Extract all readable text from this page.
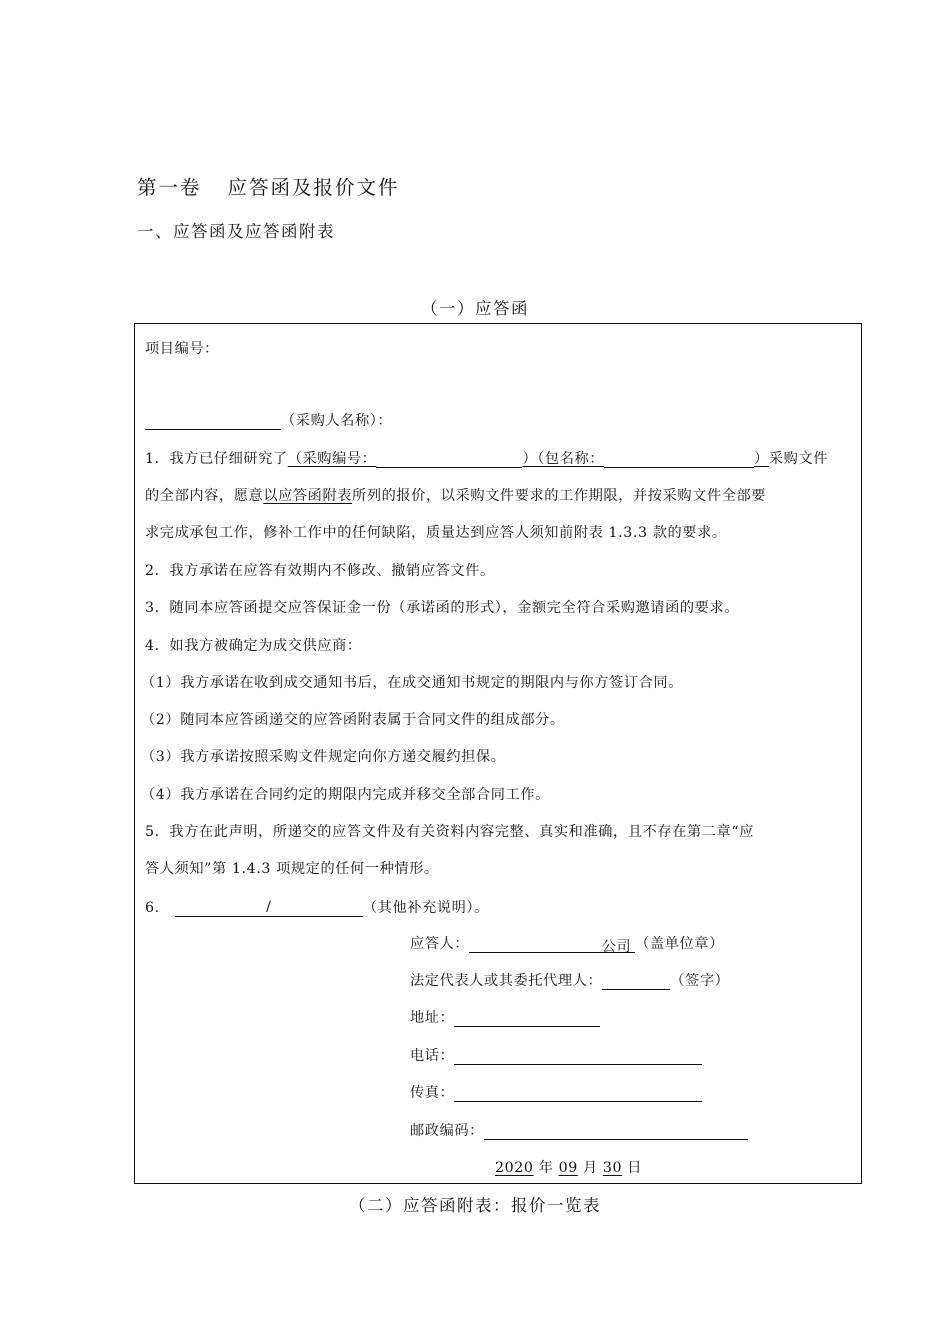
第一卷 应答函及报价文件
一、应答函及应答函附表
（一）应答函
项目编号：
（采购人名称）：
1．我方已仔细研究了（采购编号：	）（包名称：	）采购文件
的全部内容，愿意以应答函附表所列的报价，以采购文件要求的工作期限，并按采购文件全部要
求完成承包工作，修补工作中的任何缺陷，质量达到应答人须知前附表 1.3.3 款的要求。
2．我方承诺在应答有效期内不修改、撤销应答文件。
3．随同本应答函提交应答保证金一份（承诺函的形式），金额完全符合采购邀请函的要求。
4．如我方被确定为成交供应商：
（1）我方承诺在收到成交通知书后，在成交通知书规定的期限内与你方签订合同。
（2）随同本应答函递交的应答函附表属于合同文件的组成部分。
（3）我方承诺按照采购文件规定向你方递交履约担保。
（4）我方承诺在合同约定的期限内完成并移交全部合同工作。
5．我方在此声明，所递交的应答文件及有关资料内容完整、真实和准确，且不存在第二章“应
答人须知”第 1.4.3 项规定的任何一种情形。
6.	/	（其他补充说明）。
应答人：	公司 （盖单位章）
法定代表人或其委托代理人：	（签字）
地址：
电话：
传真：
邮政编码：
2020 年 09 月 30 日
（二）应答函附表：报价一览表
